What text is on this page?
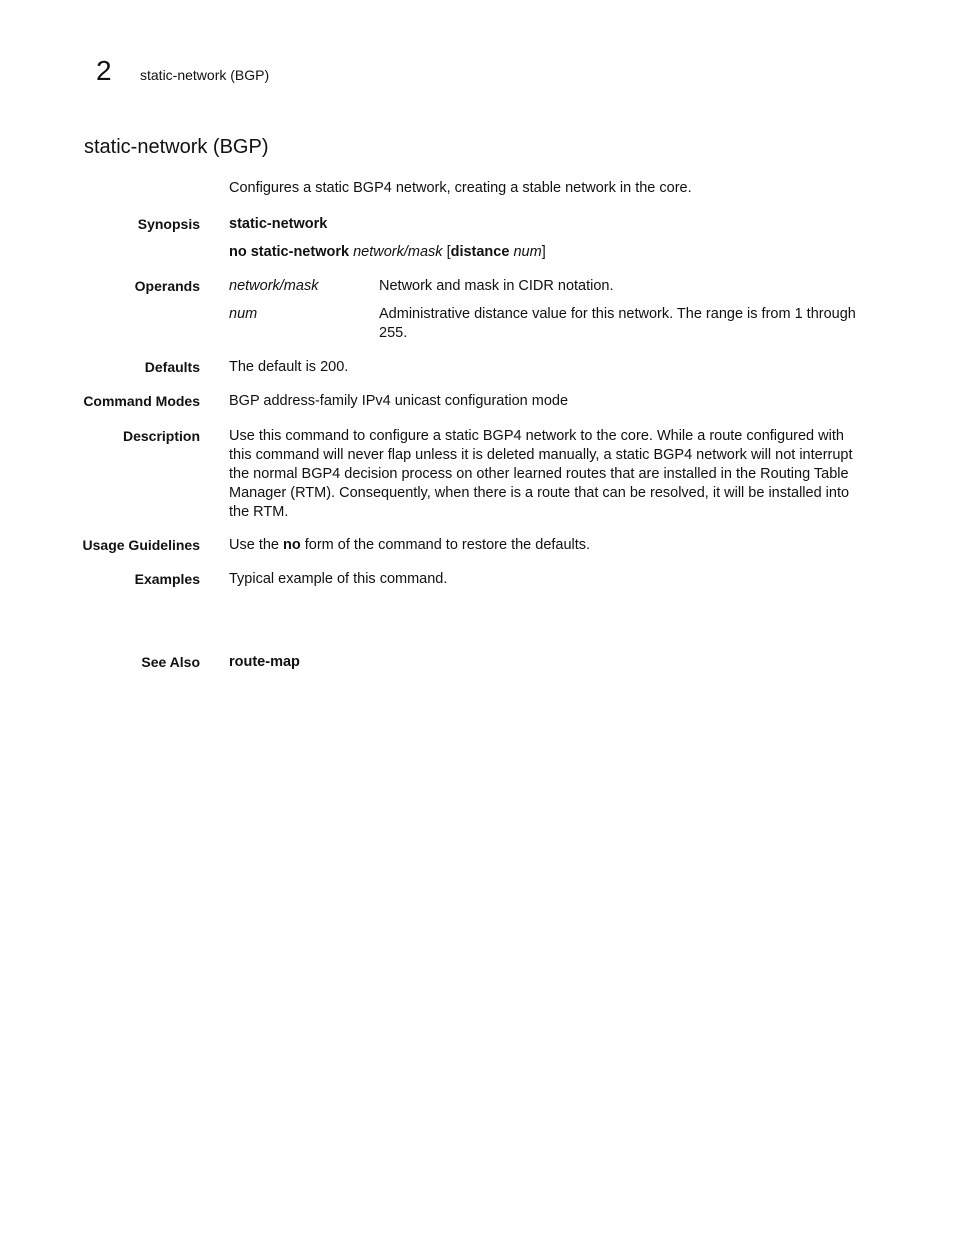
2 static-network (BGP)
static-network (BGP)
Configures a static BGP4 network, creating a stable network in the core.
Synopsis static-network
no static-network network/mask [distance num]
Operands network/mask	Network and mask in CIDR notation.
num	Administrative distance value for this network. The range is from 1 through 255.
Defaults The default is 200.
Command Modes BGP address-family IPv4 unicast configuration mode
Description Use this command to configure a static BGP4 network to the core. While a route configured with this command will never flap unless it is deleted manually, a static BGP4 network will not interrupt the normal BGP4 decision process on other learned routes that are installed in the Routing Table Manager (RTM). Consequently, when there is a route that can be resolved, it will be installed into the RTM.
Usage Guidelines Use the no form of the command to restore the defaults.
Examples Typical example of this command.
See Also route-map
